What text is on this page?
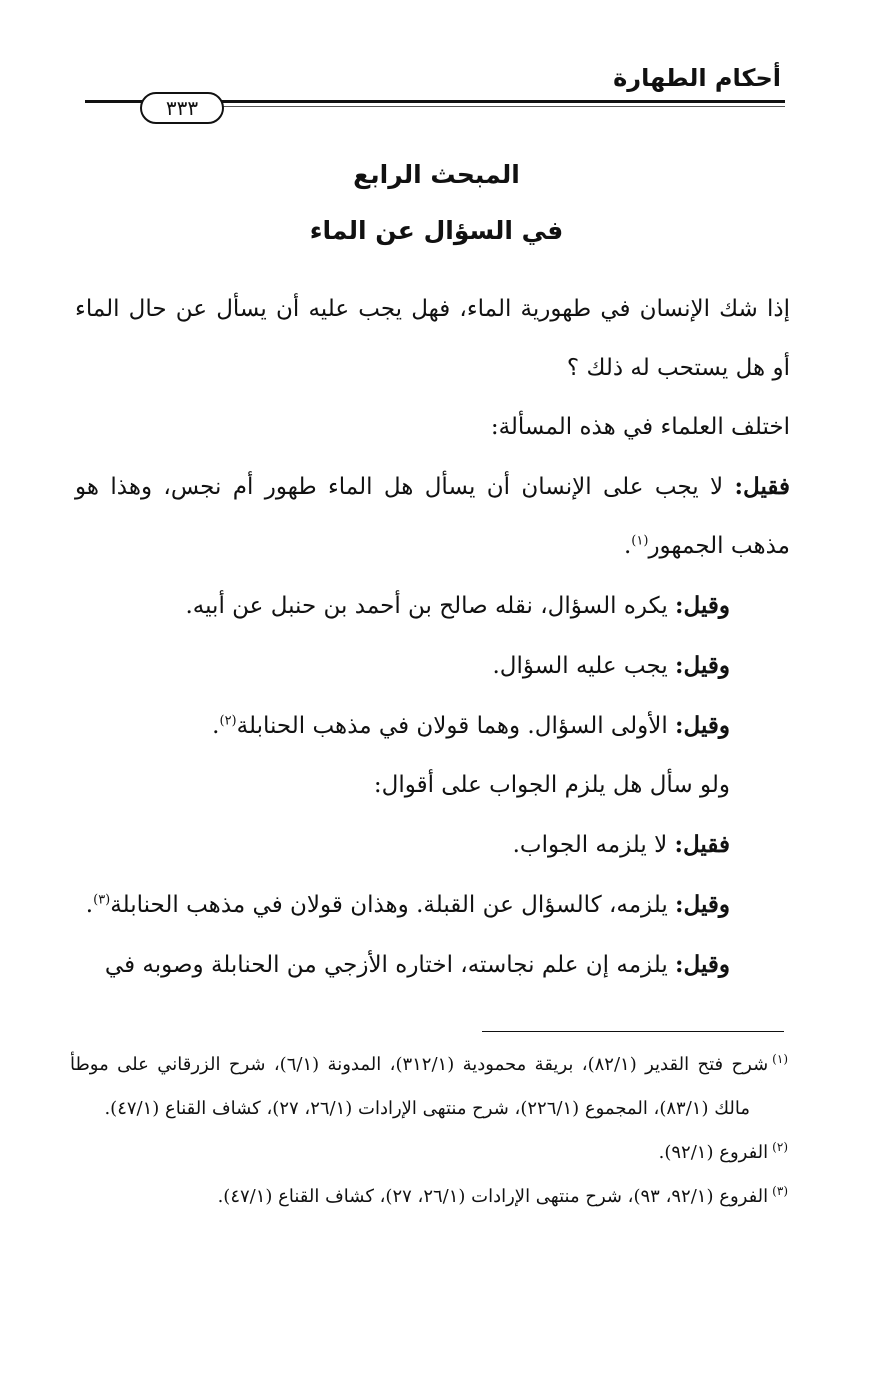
أحكام الطهارة
٣٣٣
المبحث الرابع
في السؤال عن الماء

إذا شك الإنسان في طهورية الماء، فهل يجب عليه أن يسأل عن حال الماء أو هل يستحب له ذلك ؟

اختلف العلماء في هذه المسألة:

فقيل: لا يجب على الإنسان أن يسأل هل الماء طهور أم نجس، وهذا هو مذهب الجمهور$^{(١)}$.

وقيل: يكره السؤال، نقله صالح بن أحمد بن حنبل عن أبيه.

وقيل: يجب عليه السؤال.

وقيل: الأولى السؤال. وهما قولان في مذهب الحنابلة$^{(٢)}$.

ولو سأل هل يلزم الجواب على أقوال:

فقيل: لا يلزمه الجواب.

وقيل: يلزمه، كالسؤال عن القبلة. وهذان قولان في مذهب الحنابلة$^{(٣)}$.

وقيل: يلزمه إن علم نجاسته، اختاره الأزجي من الحنابلة وصوبه في

$^{(١)}$شرح فتح القدير (٨٢/١)، بريقة محمودية (٣١٢/١)، المدونة (٦/١)، شرح الزرقاني على موطأ مالك (٨٣/١)، المجموع (٢٢٦/١)، شرح منتهى الإرادات (٢٦/١، ٢٧)، كشاف القناع (٤٧/١).

$^{(٢)}$الفروع (٩٢/١).

$^{(٣)}$الفروع (٩٢/١، ٩٣)، شرح منتهى الإرادات (٢٦/١، ٢٧)، كشاف القناع (٤٧/١).
